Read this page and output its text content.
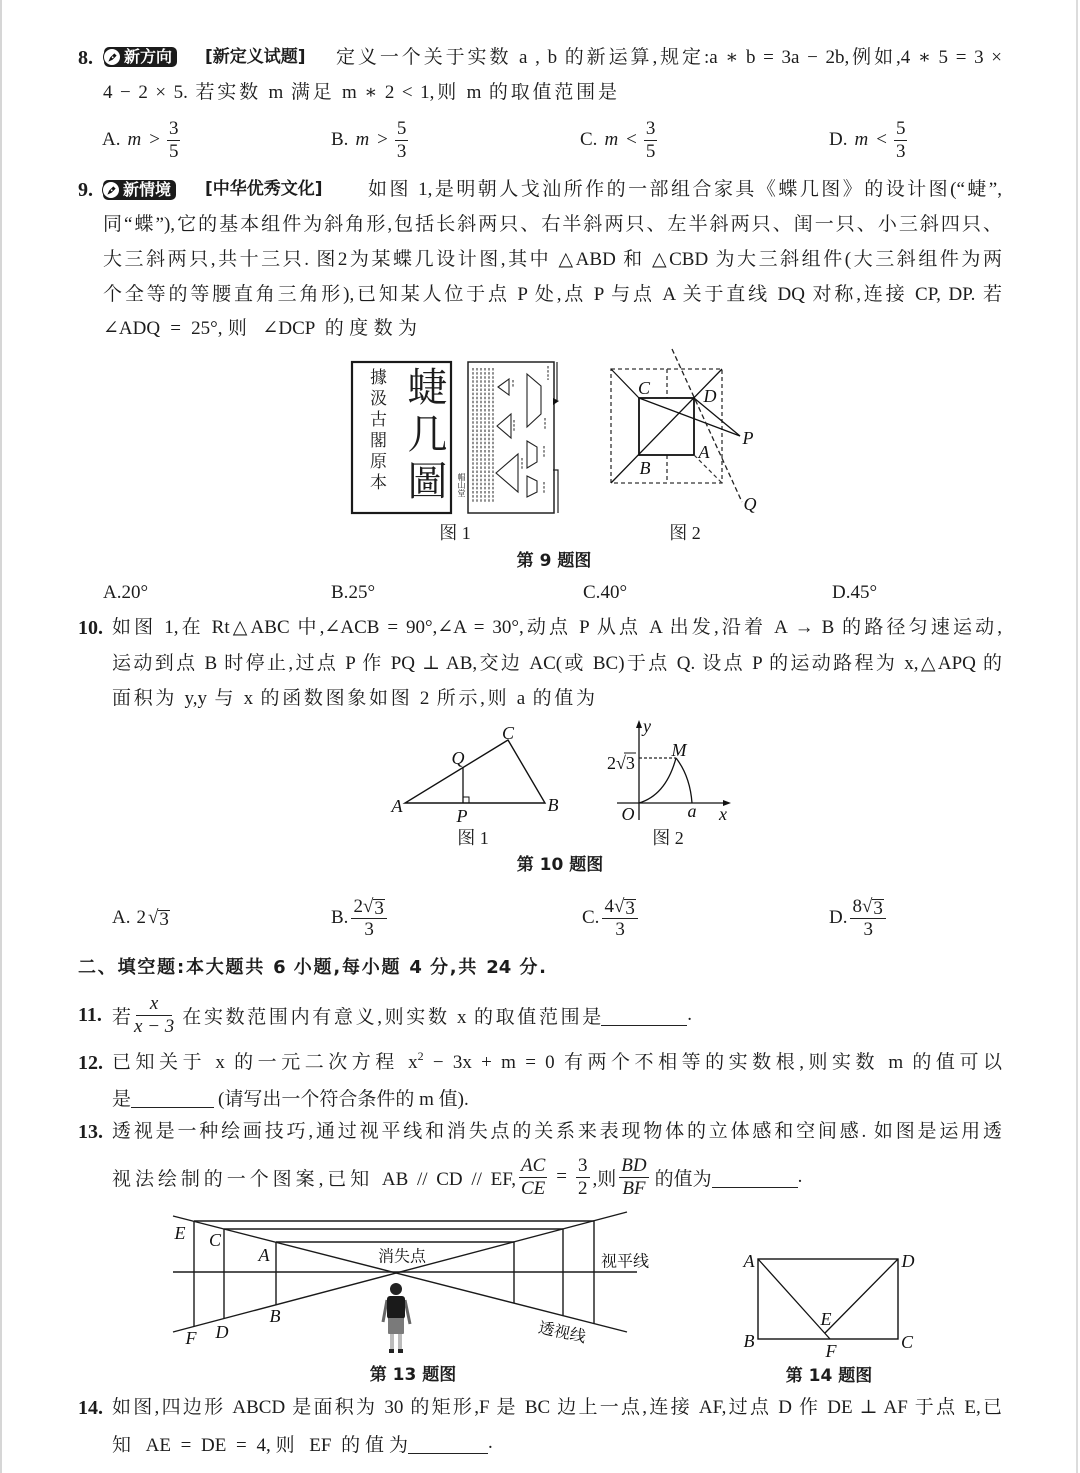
8. 新方向 [新定义试题] 定义一个关于实数 a , b 的新运算,规定:a ∗ b = 3a − 2b,例如,4 ∗ 5 = 3 ×
4 − 2 × 5. 若实数 m 满足 m ∗ 2 < 1,则 m 的取值范围是
A. $m > \frac{3}{5}$	B. $m > \frac{5}{3}$	C. $m < \frac{3}{5}$	D. $m < \frac{5}{3}$
9. 新情境 [中华优秀文化] 如图 1,是明朝人戈汕所作的一部组合家具《蝶几图》的设计图(“蜨”,
同“蝶”),它的基本组件为斜角形,包括长斜两只、右半斜两只、左半斜两只、闺一只、小三斜四只、
大三斜两只,共十三只. 图2为某蝶几设计图,其中 △ABD 和 △CBD 为大三斜组件(大三斜组件为两
个全等的等腰直角三角形),已知某人位于点 P 处,点 P 与点 A 关于直线 DQ 对称,连接 CP, DP. 若
∠ADQ = 25°,则 ∠DCP 的度数为
C	D
P
A
B
Q
蜨几圖
據汲古閣原本	帽山堂
图 1	图 2
第 9 题图
A.20°	B.25°	C.40°	D.45°
10. 如图 1,在 Rt△ABC 中,∠ACB = 90°,∠A = 30°,动点 P 从点 A 出发,沿着 A → B 的路径匀速运动,
运动到点 B 时停止,过点 P 作 PQ ⊥ AB,交边 AC(或 BC)于点 Q. 设点 P 的运动路程为 x,△APQ 的
面积为 y,y 与 x 的函数图象如图 2 所示,则 a 的值为
C
Q
A	P
B
y
M
2√3
O	a x
图 1	图 2
第 10 题图
A. 2 √ 3	B. $\frac{2 √ 3}{3}$	C. $\frac{4 √ 3}{3}$	D. $\frac{8 √ 3}{3}$
二、填空题:本大题共 6 小题,每小题 4 分,共 24 分.
11. 若 $\frac{x}{x - 3}$ 在实数范围内有意义,则实数 x 的取值范围是	.
12. 已知关于 x 的一元二次方程 $x^2 - 3x + m = 0$ 有两个不相等的实数根,则实数 m 的值可以
是	(请写出一个符合条件的 m 值).
13. 透视是一种绘画技巧,通过视平线和消失点的关系来表现物体的立体感和空间感. 如图是运用透
视法绘制的一个图案,已知 AB // CD // EF, $\frac{AC}{CE} = \frac{3}{2}$ ,则 $\frac{BD}{BF}$ 的值为	.
E C
A
B
D
F
消失点	视平线
透视线
第 13 题图
A	D
B	C
E
F
第 14 题图
14. 如图,四边形 ABCD 是面积为 30 的矩形,F 是 BC 边上一点,连接 AF,过点 D 作 DE ⊥ AF 于点 E,已
知 AE = DE = 4,则 EF 的值为	.
